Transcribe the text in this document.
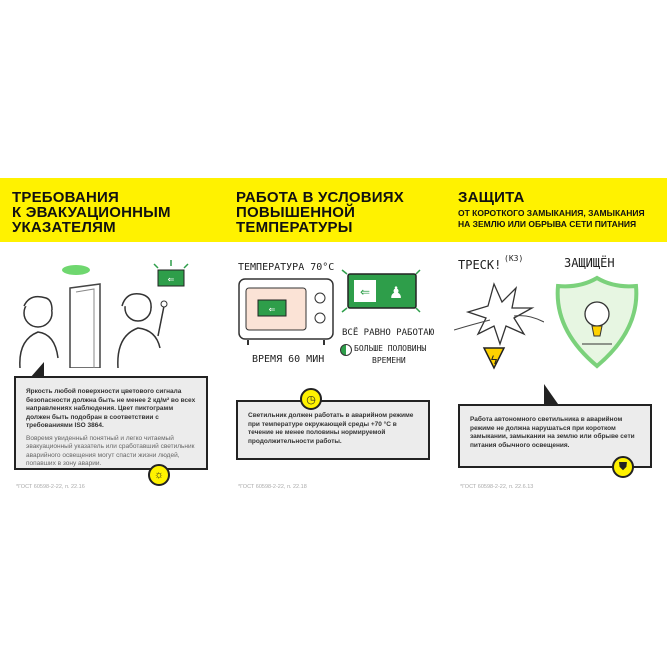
ТРЕБОВАНИЯ
К ЭВАКУАЦИОННЫМ
УКАЗАТЕЛЯМ
⇐
Яркость любой поверхности цветового сигнала безопасности должна быть не менее 2 кд/м² во всех направлениях наблюдения. Цвет пиктограмм должен быть подобран в соответствии с требованиями ISO 3864.
Вовремя увиденный понятный и легко читаемый эвакуационный указатель или сработавший светильник аварийного освещения могут спасти жизни людей, попавших в зону аварии.
*ГОСТ 60598-2-22, п. 22.16
☼
РАБОТА В УСЛОВИЯХ
ПОВЫШЕННОЙ
ТЕМПЕРАТУРЫ
ТЕМПЕРАТУРА 70°С
⇐
ВРЕМЯ 60 МИН
⇐ ♟
ВСЁ РАВНО РАБОТАЮ
БОЛЬШЕ ПОЛОВИНЫ
ВРЕМЕНИ
Светильник должен работать в аварийном режиме при температуре окружающей среды +70 °С в течение не менее половины нормируемой продолжительности работы.
◷
*ГОСТ 60598-2-22, п. 22.18
ЗАЩИТА
ОТ КОРОТКОГО ЗАМЫКАНИЯ, ЗАМЫКАНИЯ
НА ЗЕМЛЮ ИЛИ ОБРЫВА СЕТИ ПИТАНИЯ
ТРЕСК! (КЗ)
ϟ
ЗАЩИЩЁН
Работа автономного светильника в аварийном режиме не должна нарушаться при коротком замыкании, замыкании на землю или обрыве сети питания обычного освещения.
⛊
*ГОСТ 60598-2-22, п. 22.6.13
